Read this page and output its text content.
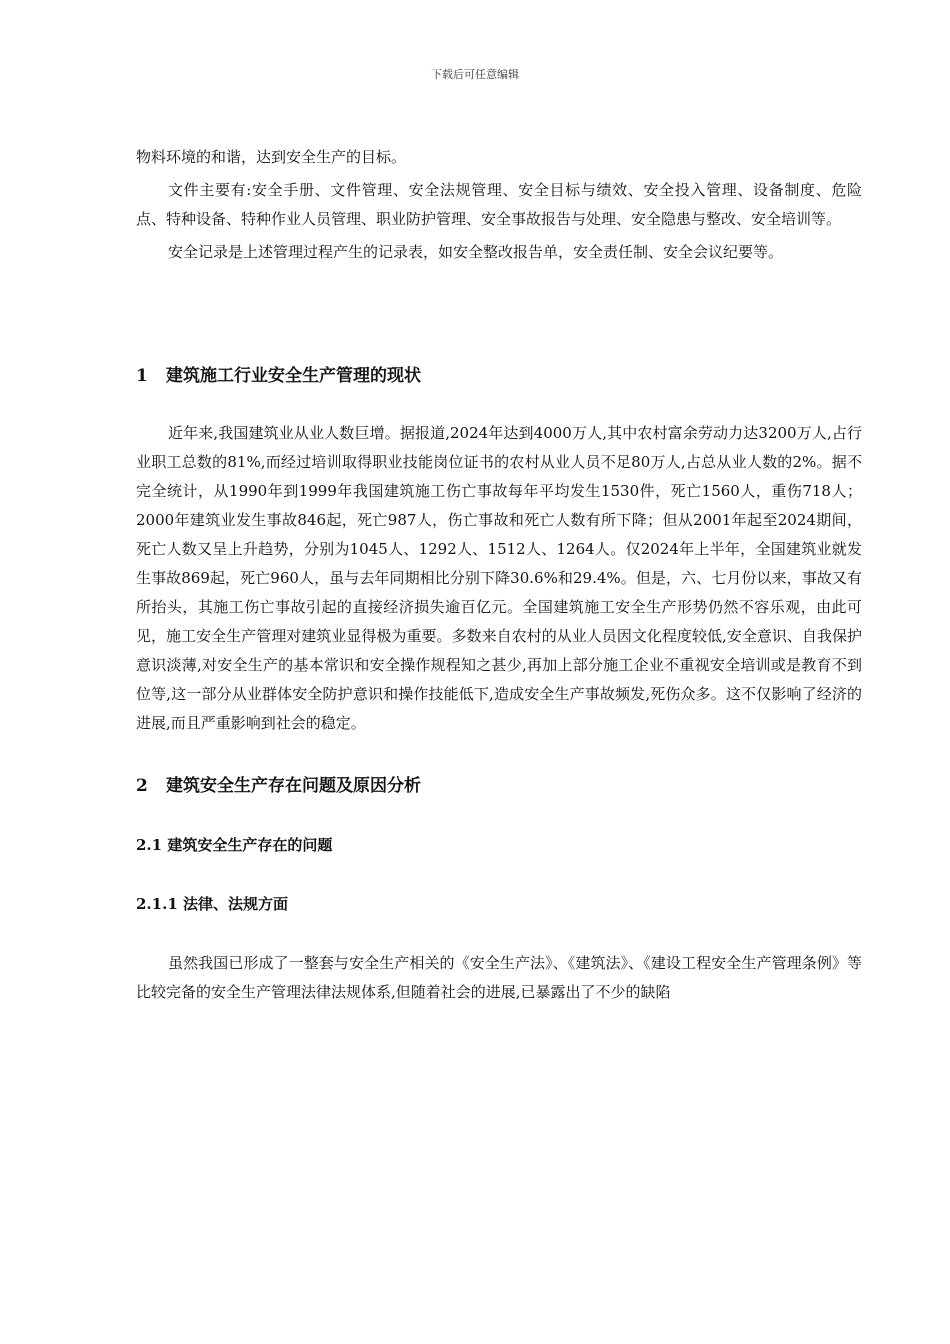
下载后可任意编辑

物料环境的和谐，达到安全生产的目标。

文件主要有:安全手册、文件管理、安全法规管理、安全目标与绩效、安全投入管理、设备制度、危险点、特种设备、特种作业人员管理、职业防护管理、安全事故报告与处理、安全隐患与整改、安全培训等。

安全记录是上述管理过程产生的记录表，如安全整改报告单，安全责任制、安全会议纪要等。

1 建筑施工行业安全生产管理的现状

近年来,我国建筑业从业人数巨增。据报道,2024年达到4000万人,其中农村富余劳动力达3200万人,占行业职工总数的81%,而经过培训取得职业技能岗位证书的农村从业人员不足80万人,占总从业人数的2%。据不完全统计，从1990年到1999年我国建筑施工伤亡事故每年平均发生1530件，死亡1560人，重伤718人；2000年建筑业发生事故846起，死亡987人，伤亡事故和死亡人数有所下降；但从2001年起至2024期间，死亡人数又呈上升趋势，分别为1045人、1292人、1512人、1264人。仅2024年上半年，全国建筑业就发生事故869起，死亡960人，虽与去年同期相比分别下降30.6%和29.4%。但是，六、七月份以来，事故又有所抬头，其施工伤亡事故引起的直接经济损失逾百亿元。全国建筑施工安全生产形势仍然不容乐观，由此可见，施工安全生产管理对建筑业显得极为重要。多数来自农村的从业人员因文化程度较低,安全意识、自我保护意识淡薄,对安全生产的基本常识和安全操作规程知之甚少,再加上部分施工企业不重视安全培训或是教育不到位等,这一部分从业群体安全防护意识和操作技能低下,造成安全生产事故频发,死伤众多。这不仅影响了经济的进展,而且严重影响到社会的稳定。

2 建筑安全生产存在问题及原因分析
2.1 建筑安全生产存在的问题
2.1.1 法律、法规方面

虽然我国已形成了一整套与安全生产相关的《安全生产法》、《建筑法》、《建设工程安全生产管理条例》等比较完备的安全生产管理法律法规体系,但随着社会的进展,已暴露出了不少的缺陷
